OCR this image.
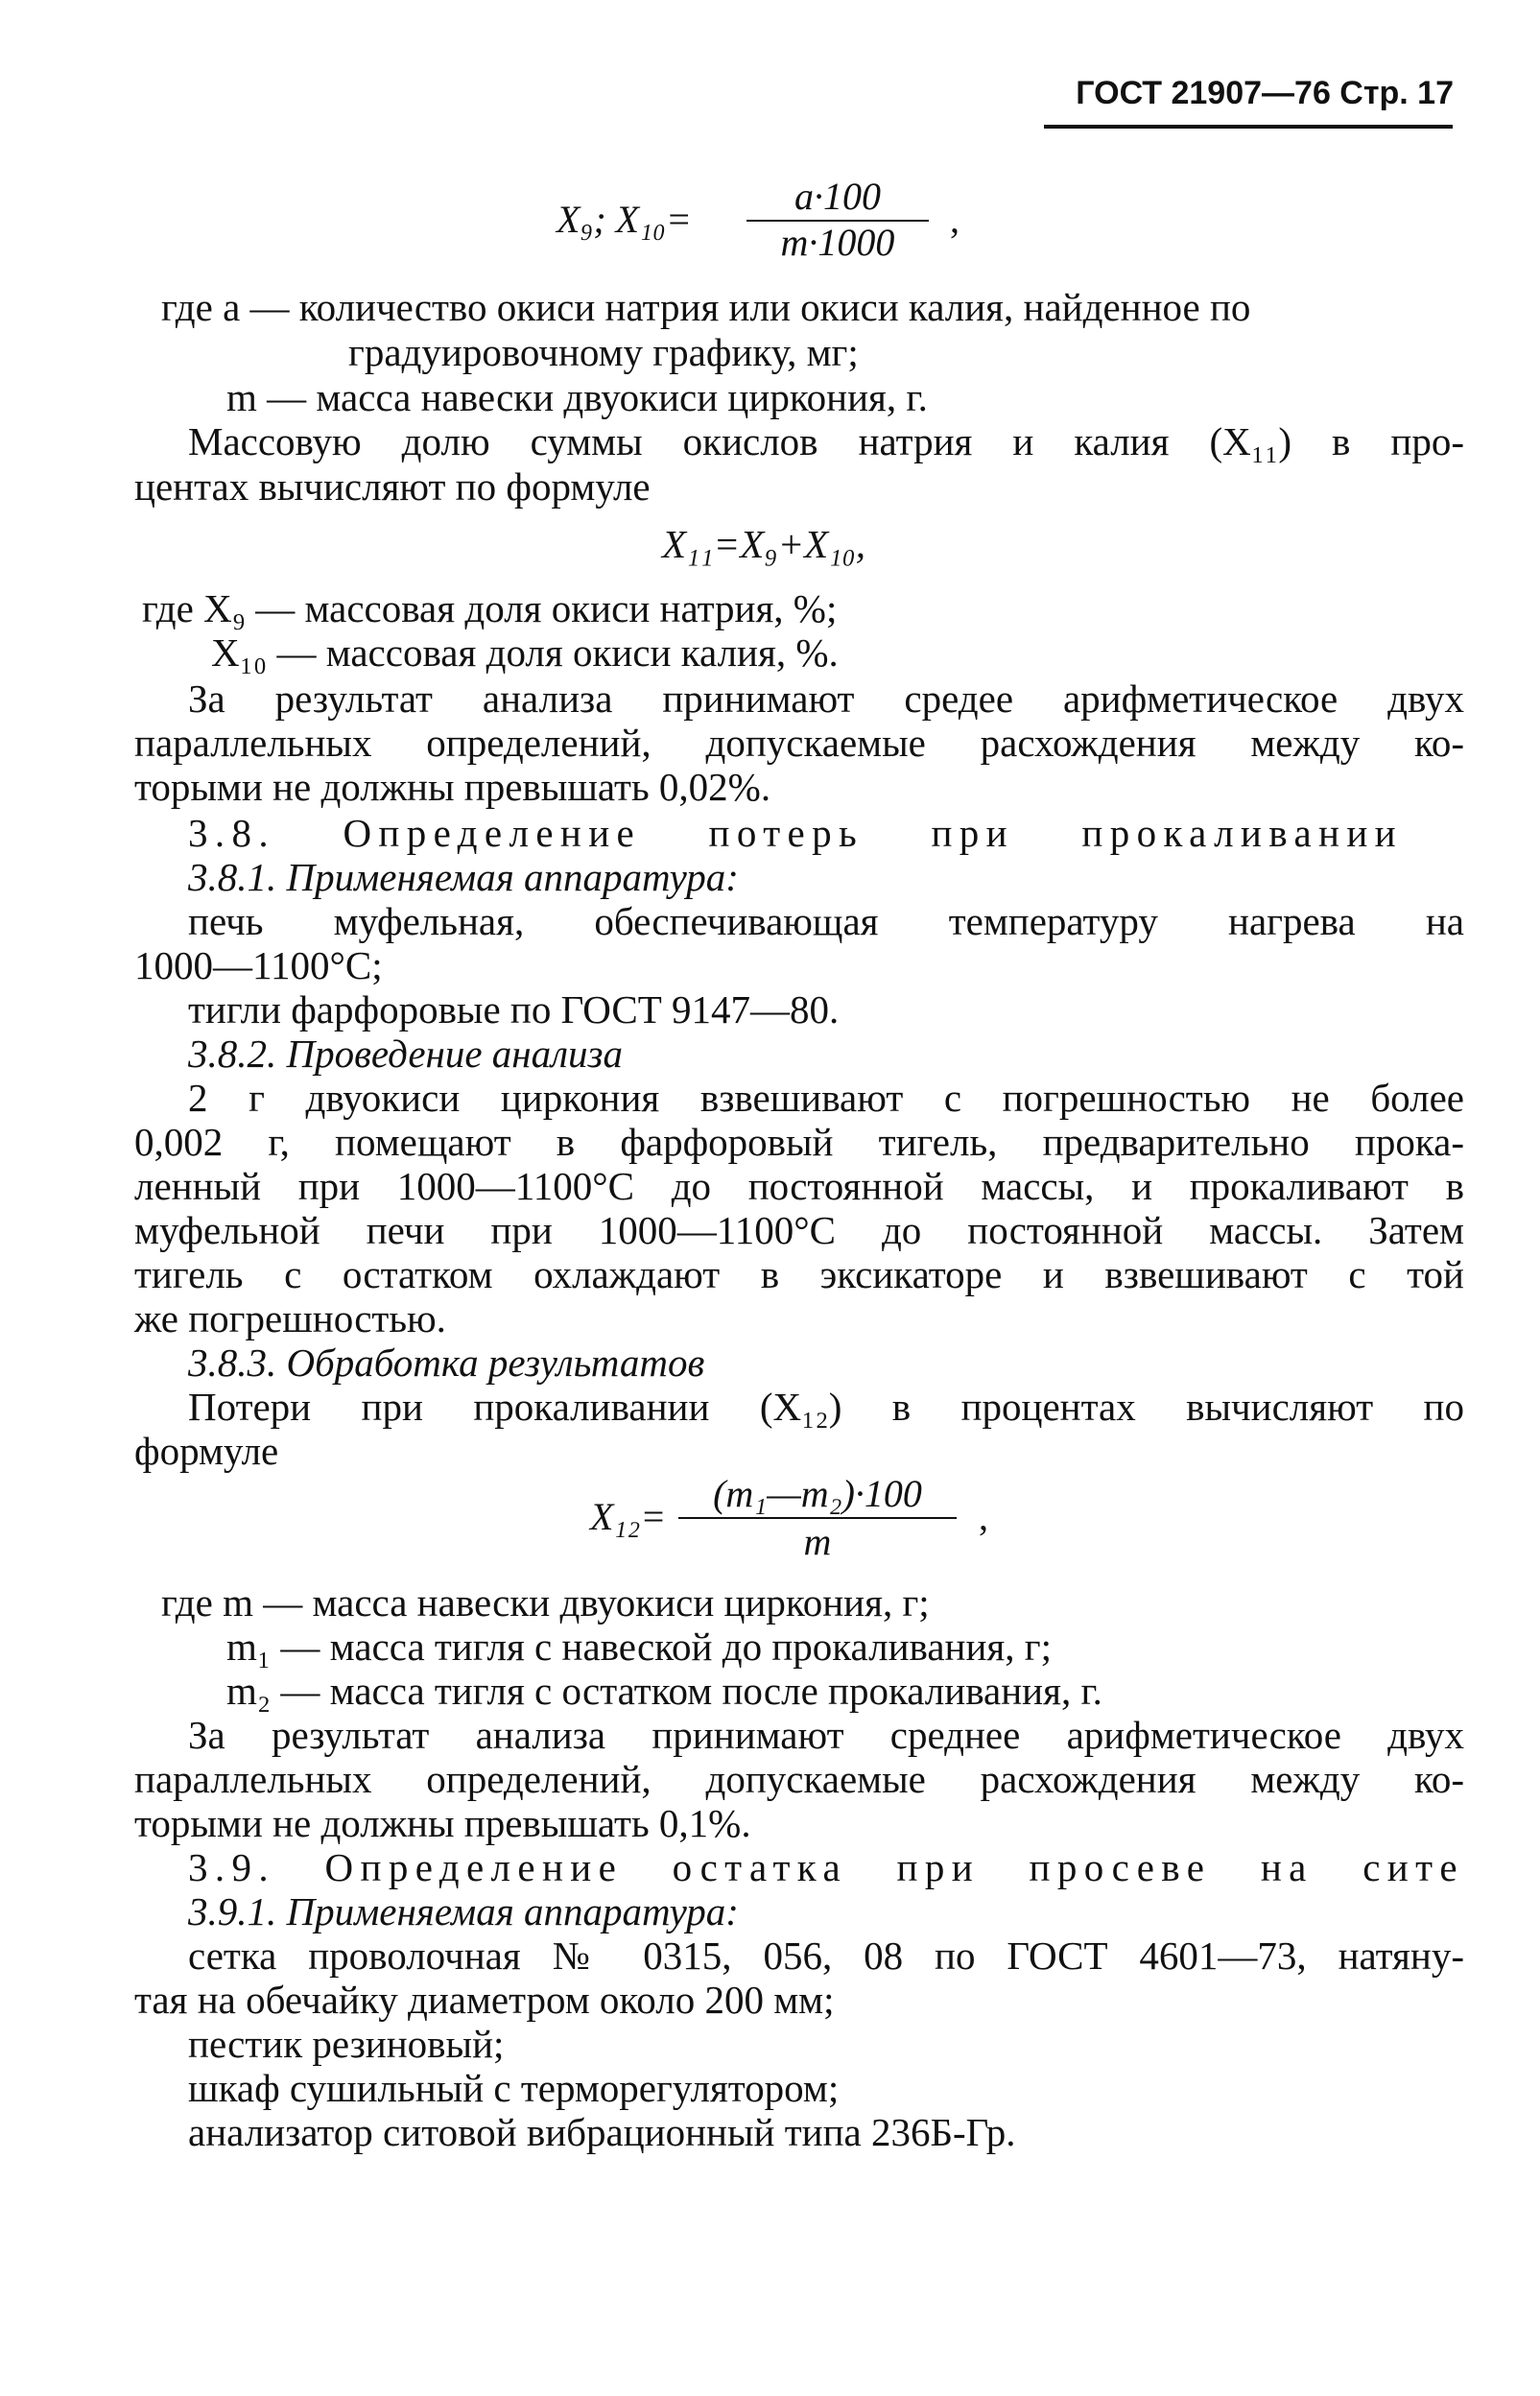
ГОСТ 21907—76 Стр. 17
X₉; X₁₀=
a·100
m·1000
,
где a — количество окиси натрия или окиси калия, найденное по
градуировочному графику, мг;
m — масса навески двуокиси циркония, г.
Массовую долю суммы окислов натрия и калия (X₁₁) в про-
центах вычисляют по формуле
X₁₁=X₉+X₁₀,
где X₉ — массовая доля окиси натрия, %;
X₁₀ — массовая доля окиси калия, %.
За результат анализа принимают средее арифметическое двух
параллельных определений, допускаемые расхождения между ко-
торыми не должны превышать 0,02%.
3.8. Определение потерь при прокаливании
3.8.1. Применяемая аппаратура:
печь муфельная, обеспечивающая температуру нагрева на
1000—1100°С;
тигли фарфоровые по ГОСТ 9147—80.
3.8.2. Проведение анализа
2 г двуокиси циркония взвешивают с погрешностью не более
0,002 г, помещают в фарфоровый тигель, предварительно прока-
ленный при 1000—1100°С до постоянной массы, и прокаливают в
муфельной печи при 1000—1100°С до постоянной массы. Затем
тигель с остатком охлаждают в эксикаторе и взвешивают с той
же погрешностью.
3.8.3. Обработка результатов
Потери при прокаливании (X₁₂) в процентах вычисляют по
формуле
X₁₂=
(m₁—m₂)·100
m
,
где m — масса навески двуокиси циркония, г;
m₁ — масса тигля с навеской до прокаливания, г;
m₂ — масса тигля с остатком после прокаливания, г.
За результат анализа принимают среднее арифметическое двух
параллельных определений, допускаемые расхождения между ко-
торыми не должны превышать 0,1%.
3.9. Определение остатка при просеве на сите
3.9.1. Применяемая аппаратура:
сетка проволочная № 0315, 056, 08 по ГОСТ 4601—73, натяну-
тая на обечайку диаметром около 200 мм;
пестик резиновый;
шкаф сушильный с терморегулятором;
анализатор ситовой вибрационный типа 236Б-Гр.
